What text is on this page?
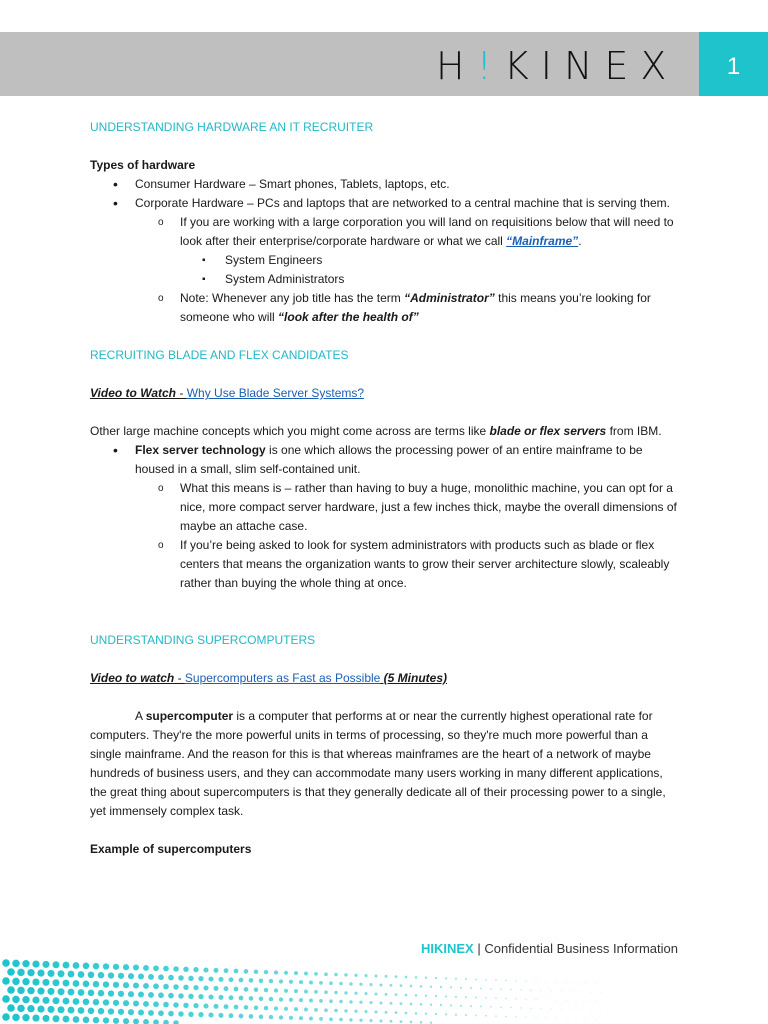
H!KINEX	1

UNDERSTANDING HARDWARE AN IT RECRUITER

Types of hardware

• Consumer Hardware – Smart phones, Tablets, laptops, etc.
• Corporate Hardware – PCs and laptops that are networked to a central machine that is serving them.
o If you are working with a large corporation you will land on requisitions below that will need to look after their enterprise/corporate hardware or what we call “Mainframe”.
▪ System Engineers
▪ System Administrators
o Note: Whenever any job title has the term “Administrator” this means you’re looking for someone who will “look after the health of”

RECRUITING BLADE AND FLEX CANDIDATES

Video to Watch - Why Use Blade Server Systems?

Other large machine concepts which you might come across are terms like blade or flex servers from IBM.

• Flex server technology is one which allows the processing power of an entire mainframe to be housed in a small, slim self-contained unit.
o What this means is – rather than having to buy a huge, monolithic machine, you can opt for a nice, more compact server hardware, just a few inches thick, maybe the overall dimensions of maybe an attache case.
o If you’re being asked to look for system administrators with products such as blade or flex centers that means the organization wants to grow their server architecture slowly, scaleably rather than buying the whole thing at once.

UNDERSTANDING SUPERCOMPUTERS

Video to watch - Supercomputers as Fast as Possible (5 Minutes)

A supercomputer is a computer that performs at or near the currently highest operational rate for computers. They're the more powerful units in terms of processing, so they're much more powerful than a single mainframe. And the reason for this is that whereas mainframes are the heart of a network of maybe hundreds of business users, and they can accommodate many users working in many different applications, the great thing about supercomputers is that they generally dedicate all of their processing power to a single, yet immensely complex task.

Example of supercomputers

HIKINEX | Confidential Business Information
